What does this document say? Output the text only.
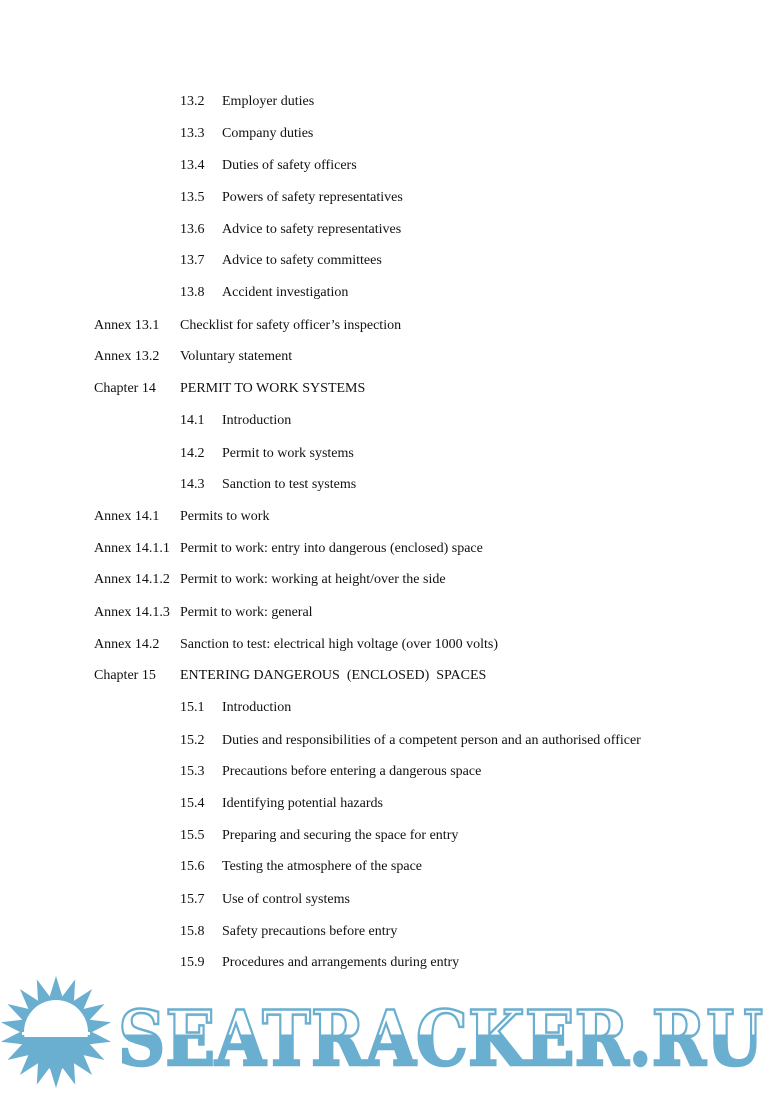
13.2 Employer duties
13.3 Company duties
13.4 Duties of safety officers
13.5 Powers of safety representatives
13.6 Advice to safety representatives
13.7 Advice to safety committees
13.8 Accident investigation
Annex 13.1 Checklist for safety officer’s inspection
Annex 13.2 Voluntary statement
Chapter 14 PERMIT TO WORK SYSTEMS
14.1 Introduction
14.2 Permit to work systems
14.3 Sanction to test systems
Annex 14.1 Permits to work
Annex 14.1.1 Permit to work: entry into dangerous (enclosed) space
Annex 14.1.2 Permit to work: working at height/over the side
Annex 14.1.3 Permit to work: general
Annex 14.2 Sanction to test: electrical high voltage (over 1000 volts)
Chapter 15 ENTERING DANGEROUS  (ENCLOSED)  SPACES
15.1 Introduction
15.2 Duties and responsibilities of a competent person and an authorised officer
15.3 Precautions before entering a dangerous space
15.4 Identifying potential hazards
15.5 Preparing and securing the space for entry
15.6 Testing the atmosphere of the space
15.7 Use of control systems
15.8 Safety precautions before entry
15.9 Procedures and arrangements during entry
SEATRACKER.RU
